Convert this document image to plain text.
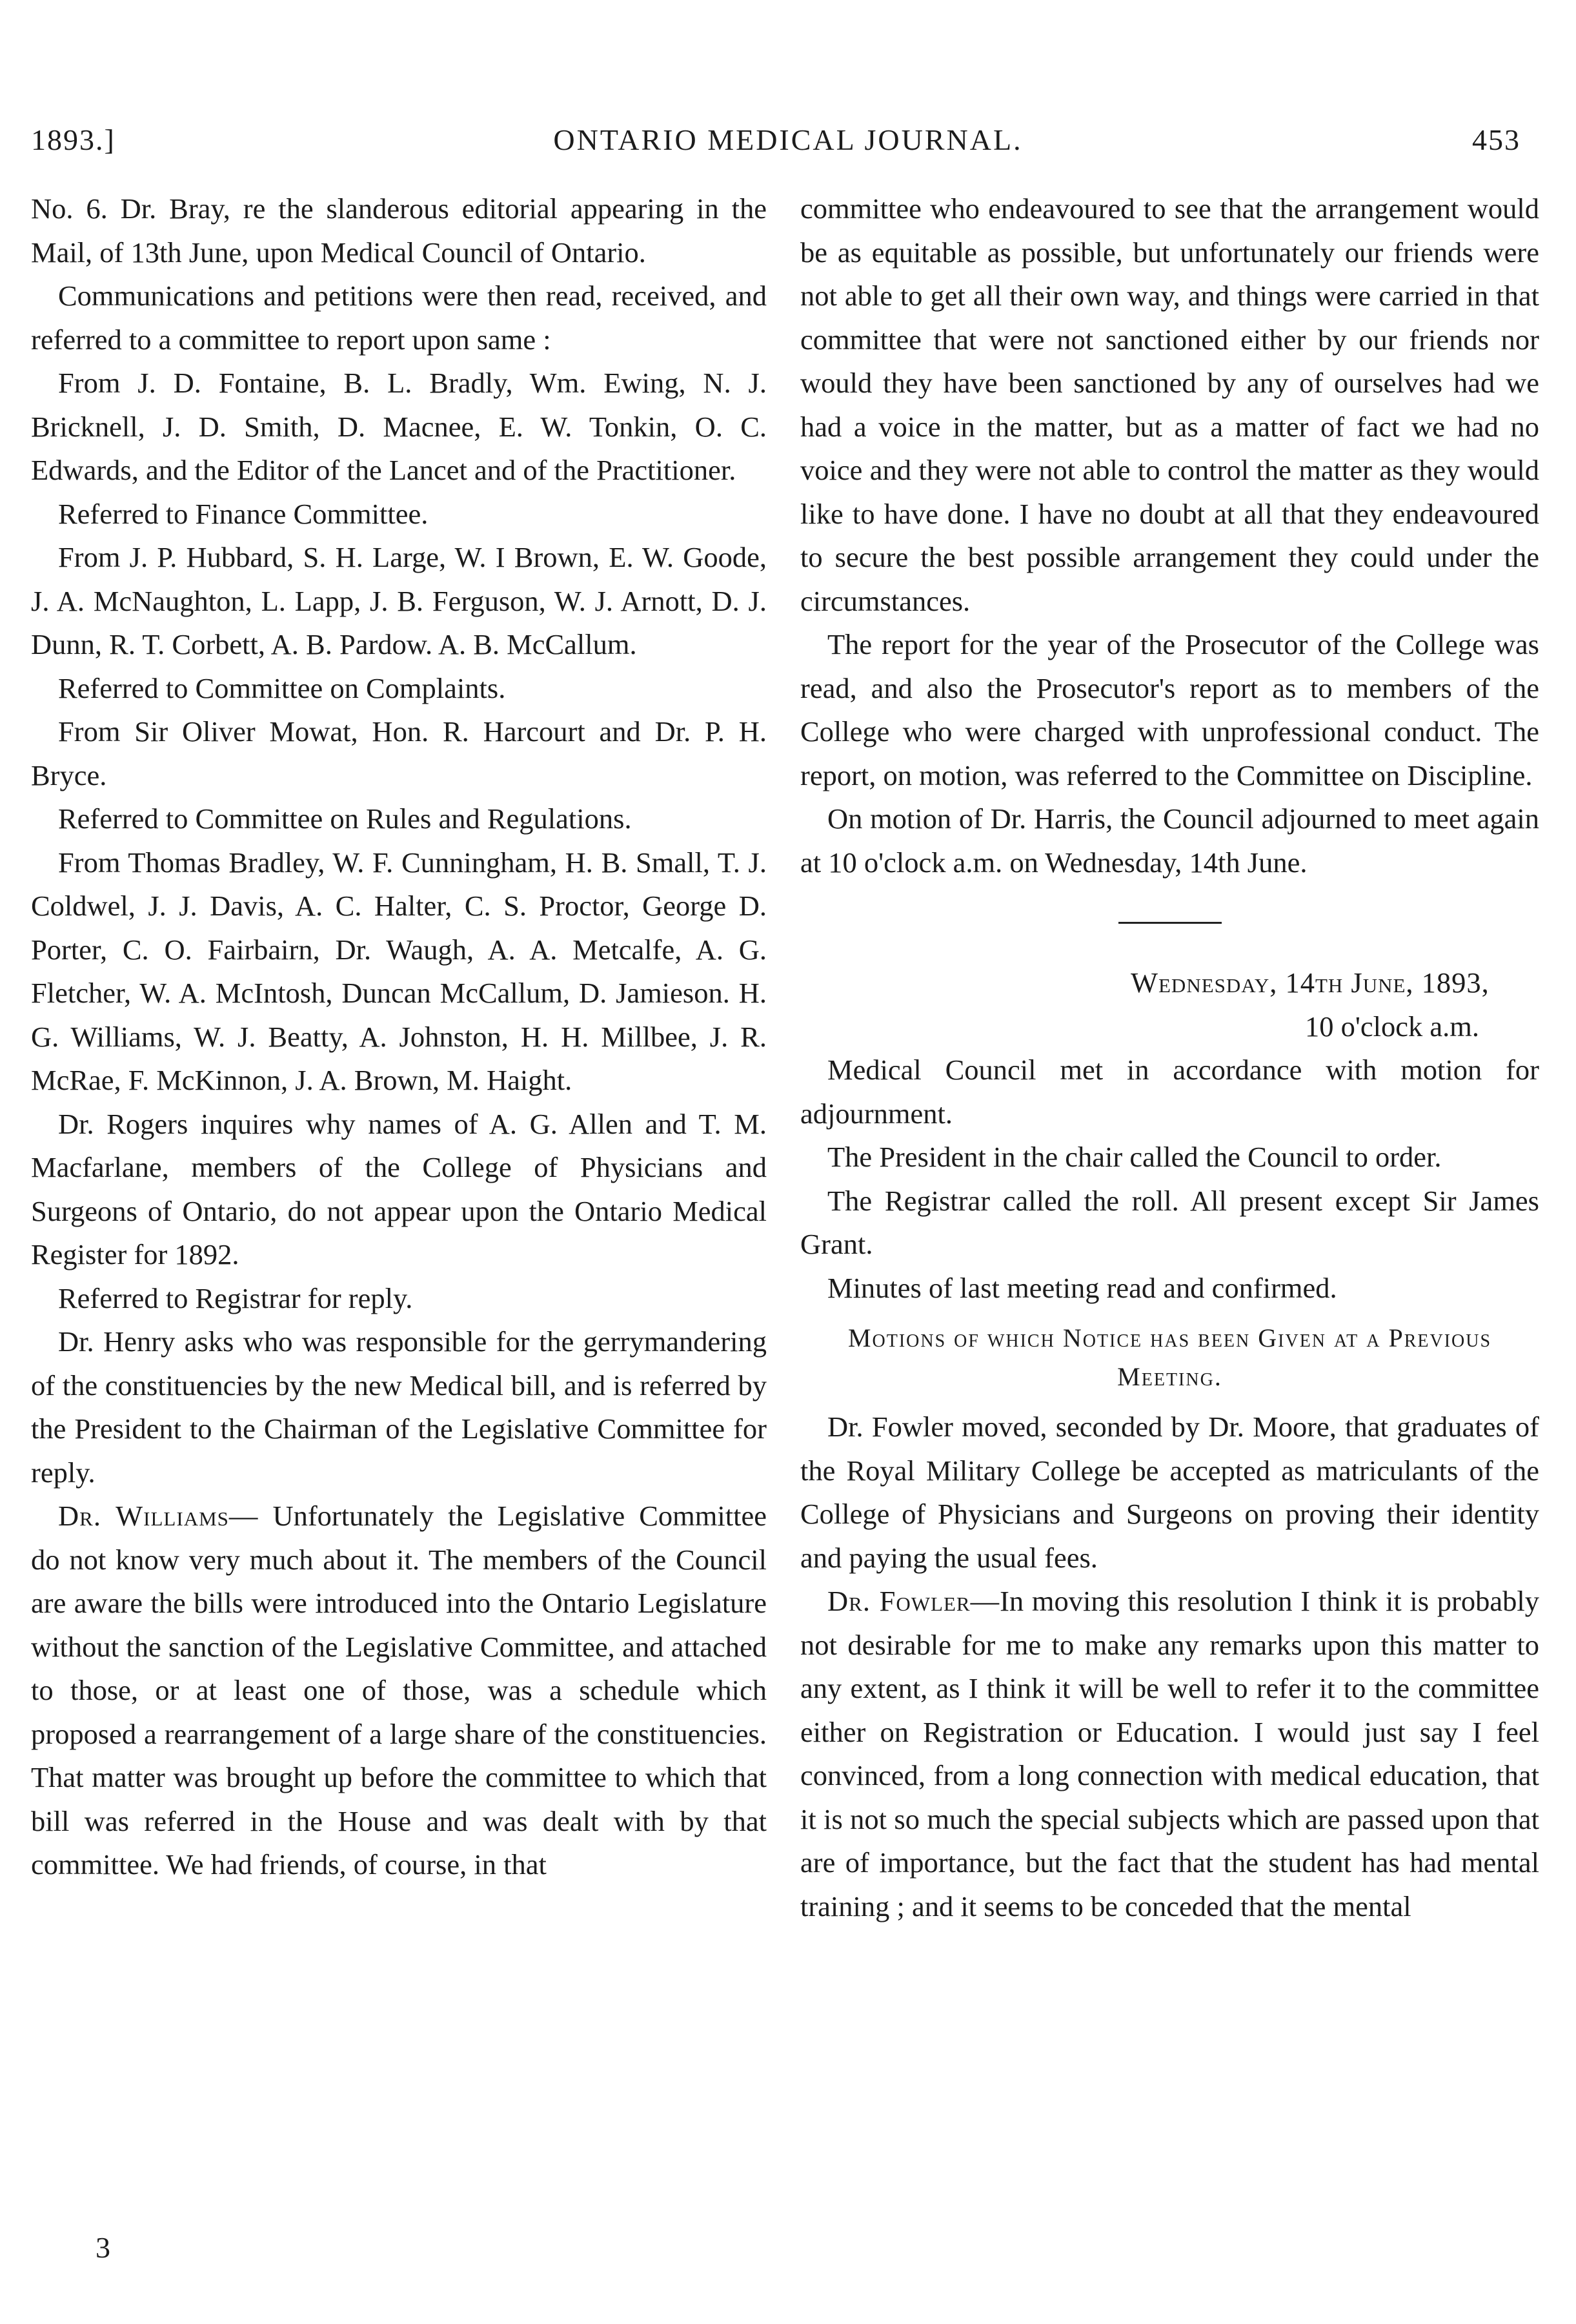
1893.]	ONTARIO MEDICAL JOURNAL.	453

No. 6. Dr. Bray, re the slanderous editorial appearing in the Mail, of 13th June, upon Medical Council of Ontario.

Communications and petitions were then read, received, and referred to a committee to report upon same :

From J. D. Fontaine, B. L. Bradly, Wm. Ewing, N. J. Bricknell, J. D. Smith, D. Macnee, E. W. Tonkin, O. C. Edwards, and the Editor of the Lancet and of the Practitioner.

Referred to Finance Committee.

From J. P. Hubbard, S. H. Large, W. I Brown, E. W. Goode, J. A. McNaughton, L. Lapp, J. B. Ferguson, W. J. Arnott, D. J. Dunn, R. T. Corbett, A. B. Pardow. A. B. McCallum.

Referred to Committee on Complaints.

From Sir Oliver Mowat, Hon. R. Harcourt and Dr. P. H. Bryce.

Referred to Committee on Rules and Regulations.

From Thomas Bradley, W. F. Cunningham, H. B. Small, T. J. Coldwel, J. J. Davis, A. C. Halter, C. S. Proctor, George D. Porter, C. O. Fairbairn, Dr. Waugh, A. A. Metcalfe, A. G. Fletcher, W. A. McIntosh, Duncan McCallum, D. Jamieson. H. G. Williams, W. J. Beatty, A. Johnston, H. H. Millbee, J. R. McRae, F. McKinnon, J. A. Brown, M. Haight.

Dr. Rogers inquires why names of A. G. Allen and T. M. Macfarlane, members of the College of Physicians and Surgeons of Ontario, do not appear upon the Ontario Medical Register for 1892.

Referred to Registrar for reply.

Dr. Henry asks who was responsible for the gerrymandering of the constituencies by the new Medical bill, and is referred by the President to the Chairman of the Legislative Committee for reply.

Dr. Williams— Unfortunately the Legislative Committee do not know very much about it. The members of the Council are aware the bills were introduced into the Ontario Legislature without the sanction of the Legislative Committee, and attached to those, or at least one of those, was a schedule which proposed a rearrangement of a large share of the constituencies. That matter was brought up before the committee to which that bill was referred in the House and was dealt with by that committee. We had friends, of course, in that

committee who endeavoured to see that the arrangement would be as equitable as possible, but unfortunately our friends were not able to get all their own way, and things were carried in that committee that were not sanctioned either by our friends nor would they have been sanctioned by any of ourselves had we had a voice in the matter, but as a matter of fact we had no voice and they were not able to control the matter as they would like to have done. I have no doubt at all that they endeavoured to secure the best possible arrangement they could under the circumstances.

The report for the year of the Prosecutor of the College was read, and also the Prosecutor's report as to members of the College who were charged with unprofessional conduct. The report, on motion, was referred to the Committee on Discipline.

On motion of Dr. Harris, the Council adjourned to meet again at 10 o'clock a.m. on Wednesday, 14th June.

Wednesday, 14th June, 1893,
10 o'clock a.m.

Medical Council met in accordance with motion for adjournment.

The President in the chair called the Council to order.

The Registrar called the roll. All present except Sir James Grant.

Minutes of last meeting read and confirmed.

Motions of which Notice has been Given at a Previous Meeting.

Dr. Fowler moved, seconded by Dr. Moore, that graduates of the Royal Military College be accepted as matriculants of the College of Physicians and Surgeons on proving their identity and paying the usual fees.

Dr. Fowler—In moving this resolution I think it is probably not desirable for me to make any remarks upon this matter to any extent, as I think it will be well to refer it to the committee either on Registration or Education. I would just say I feel convinced, from a long connection with medical education, that it is not so much the special subjects which are passed upon that are of importance, but the fact that the student has had mental training ; and it seems to be conceded that the mental

3
